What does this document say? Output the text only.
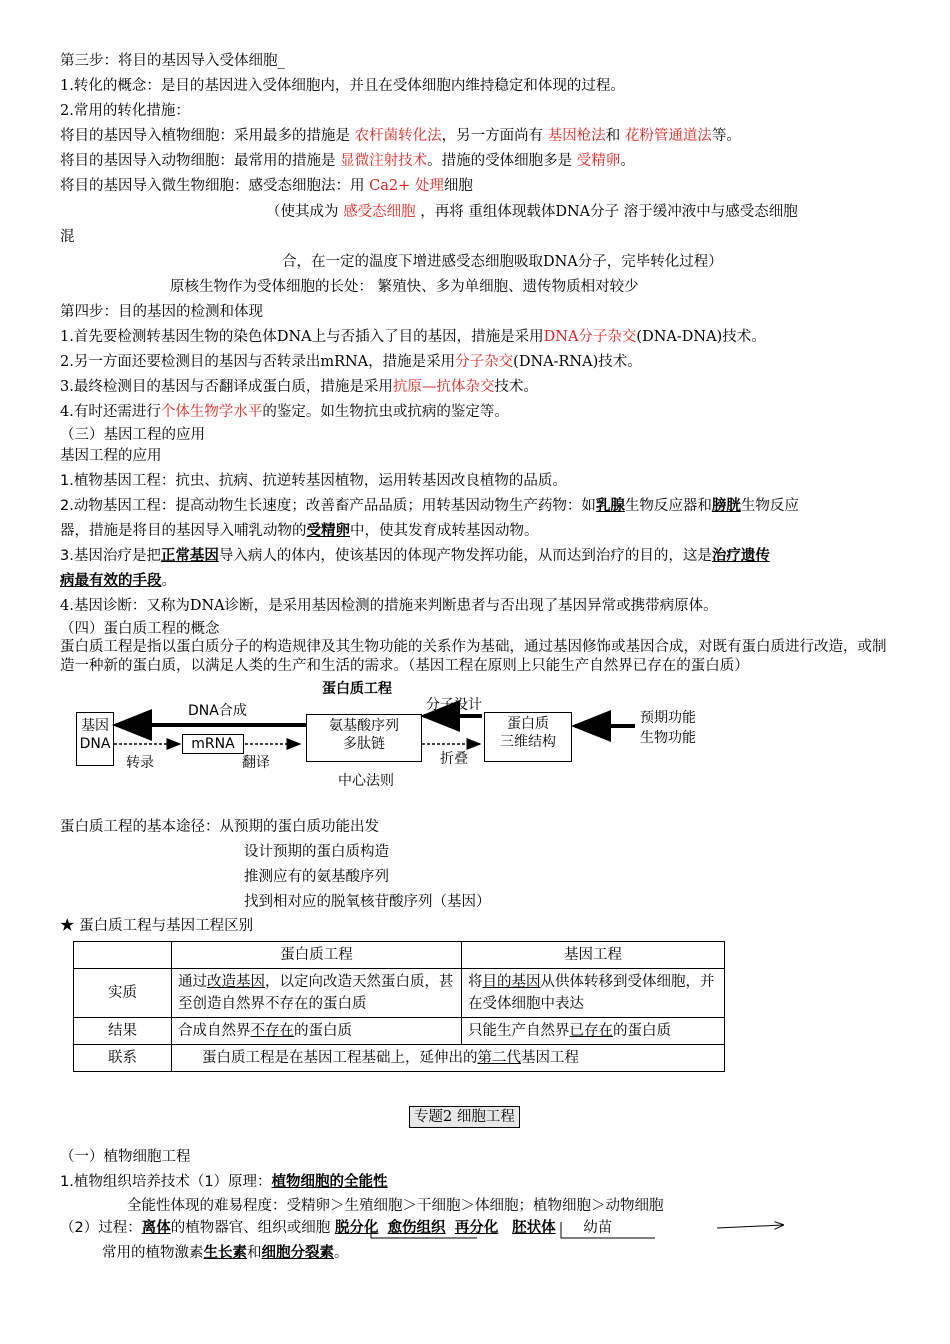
第三步：将目的基因导入受体细胞_
1.转化的概念：是目的基因进入受体细胞内，并且在受体细胞内维持稳定和体现的过程。
2.常用的转化措施：
将目的基因导入植物细胞：采用最多的措施是 农杆菌转化法，另一方面尚有 基因枪法和 花粉管通道法等。
将目的基因导入动物细胞：最常用的措施是 显微注射技术。措施的受体细胞多是 受精卵。
将目的基因导入微生物细胞：感受态细胞法：用 Ca2+ 处理细胞
（使其成为 感受态细胞 ，再将 重组体现载体DNA分子 溶于缓冲液中与感受态细胞
混
合，在一定的温度下增进感受态细胞吸取DNA分子，完毕转化过程）
原核生物作为受体细胞的长处： 繁殖快、多为单细胞、遗传物质相对较少
第四步：目的基因的检测和体现
1.首先要检测转基因生物的染色体DNA上与否插入了目的基因，措施是采用DNA分子杂交(DNA-DNA)技术。
2.另一方面还要检测目的基因与否转录出mRNA，措施是采用分子杂交(DNA-RNA)技术。
3.最终检测目的基因与否翻译成蛋白质，措施是采用抗原—抗体杂交技术。
4.有时还需进行个体生物学水平的鉴定。如生物抗虫或抗病的鉴定等。
（三）基因工程的应用
基因工程的应用
1.植物基因工程：抗虫、抗病、抗逆转基因植物，运用转基因改良植物的品质。
2.动物基因工程：提高动物生长速度；改善畜产品品质；用转基因动物生产药物：如乳腺生物反应器和膀胱生物反应
器，措施是将目的基因导入哺乳动物的受精卵中，使其发育成转基因动物。
3.基因治疗是把正常基因导入病人的体内，使该基因的体现产物发挥功能，从而达到治疗的目的，这是治疗遗传
病最有效的手段。
4.基因诊断：又称为DNA诊断，是采用基因检测的措施来判断患者与否出现了基因异常或携带病原体。
（四）蛋白质工程的概念
蛋白质工程是指以蛋白质分子的构造规律及其生物功能的关系作为基础，通过基因修饰或基因合成，对既有蛋白质进行改造，或制造一种新的蛋白质，以满足人类的生产和生活的需求。（基因工程在原则上只能生产自然界已存在的蛋白质）
蛋白质工程
基因
DNA
DNA合成
mRNA
转录	翻译
氨基酸序列
多肽链
中心法则
分子设计
折叠
蛋白质
三维结构
预期功能
生物功能
蛋白质工程的基本途径：从预期的蛋白质功能出发
设计预期的蛋白质构造
推测应有的氨基酸序列
找到相对应的脱氧核苷酸序列（基因）
★ 蛋白质工程与基因工程区别
	蛋白质工程	基因工程
实质	通过改造基因，以定向改造天然蛋白质，甚至创造自然界不存在的蛋白质	将目的基因从供体转移到受体细胞，并在受体细胞中表达
结果	合成自然界不存在的蛋白质	只能生产自然界已存在的蛋白质
联系	蛋白质工程是在基因工程基础上，延伸出的第二代基因工程	
专题2 细胞工程
（一）植物细胞工程
1.植物组织培养技术（1）原理：植物细胞的全能性
全能性体现的难易程度：受精卵＞生殖细胞＞干细胞＞体细胞；植物细胞＞动物细胞
（2）过程：离体的植物器官、组织或细胞 脱分化 愈伤组织 再分化 胚状体 幼苗
常用的植物激素生长素和细胞分裂素。
